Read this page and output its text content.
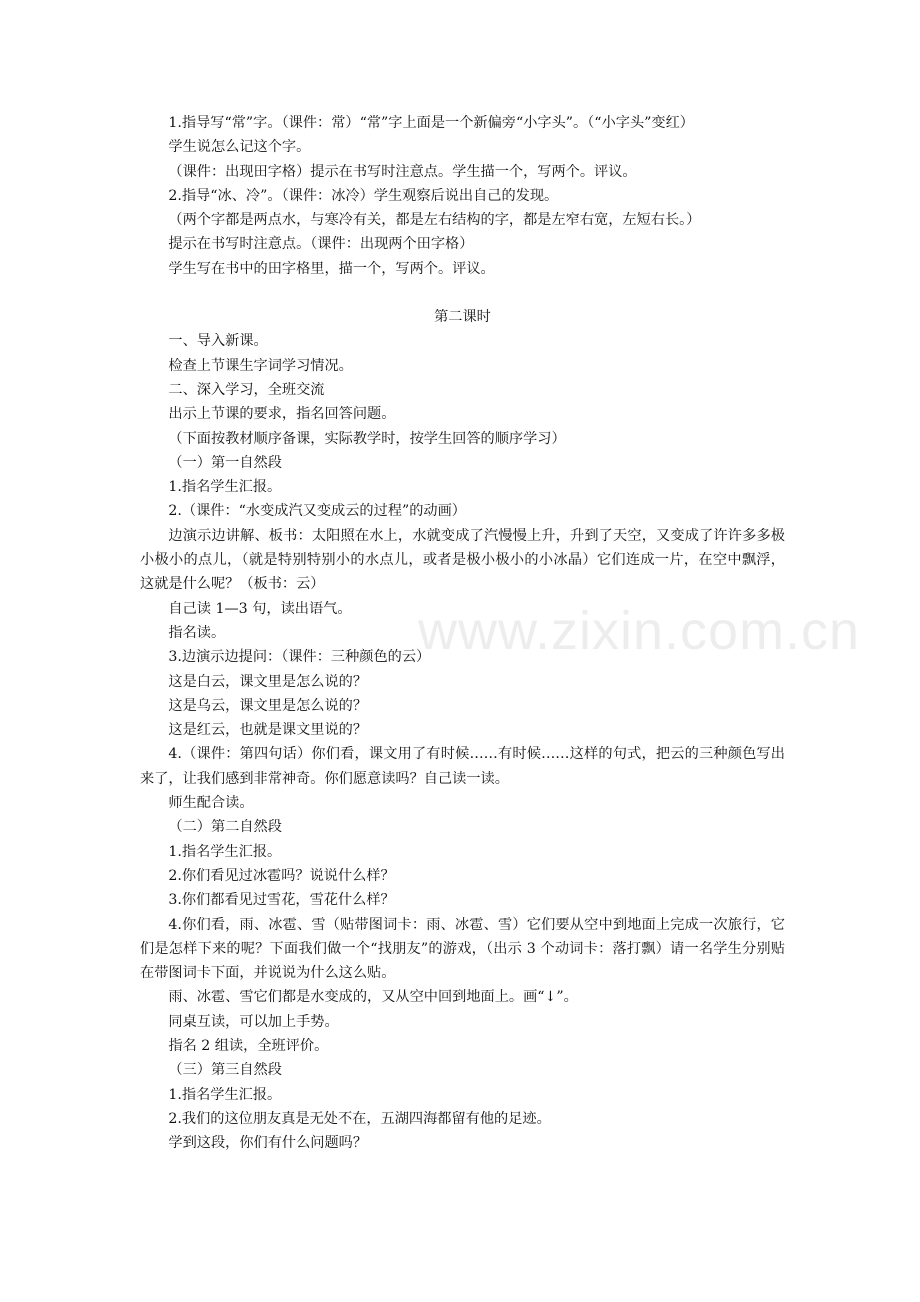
www.zixin.com.cn

1.指导写“常”字。（课件：常）“常”字上面是一个新偏旁“小字头”。（“小字头”变红）

学生说怎么记这个字。

（课件：出现田字格）提示在书写时注意点。学生描一个，写两个。评议。

2.指导“冰、冷”。（课件：冰冷）学生观察后说出自己的发现。

（两个字都是两点水，与寒冷有关，都是左右结构的字，都是左窄右宽，左短右长。）

提示在书写时注意点。（课件：出现两个田字格）

学生写在书中的田字格里，描一个，写两个。评议。

第二课时

一、导入新课。

检查上节课生字词学习情况。

二、深入学习，全班交流

出示上节课的要求，指名回答问题。

（下面按教材顺序备课，实际教学时，按学生回答的顺序学习）

（一）第一自然段

1.指名学生汇报。

2.（课件：“水变成汽又变成云的过程”的动画）

边演示边讲解、板书：太阳照在水上，水就变成了汽慢慢上升，升到了天空，又变成了许许多多极小极小的点儿，（就是特别特别小的水点儿，或者是极小极小的小冰晶）它们连成一片，在空中飘浮，这就是什么呢？（板书：云）

自己读 1—3 句，读出语气。

指名读。

3.边演示边提问：（课件：三种颜色的云）

这是白云，课文里是怎么说的？

这是乌云，课文里是怎么说的？

这是红云，也就是课文里说的？

4.（课件：第四句话）你们看，课文用了有时候……有时候……这样的句式，把云的三种颜色写出来了，让我们感到非常神奇。你们愿意读吗？自己读一读。

师生配合读。

（二）第二自然段

1.指名学生汇报。

2.你们看见过冰雹吗？说说什么样？

3.你们都看见过雪花，雪花什么样？

4.你们看，雨、冰雹、雪（贴带图词卡：雨、冰雹、雪）它们要从空中到地面上完成一次旅行，它们是怎样下来的呢？下面我们做一个“找朋友”的游戏，（出示 3 个动词卡：落打飘）请一名学生分别贴在带图词卡下面，并说说为什么这么贴。

雨、冰雹、雪它们都是水变成的，又从空中回到地面上。画“↓”。

同桌互读，可以加上手势。

指名 2 组读，全班评价。

（三）第三自然段

1.指名学生汇报。

2.我们的这位朋友真是无处不在，五湖四海都留有他的足迹。

学到这段，你们有什么问题吗？
